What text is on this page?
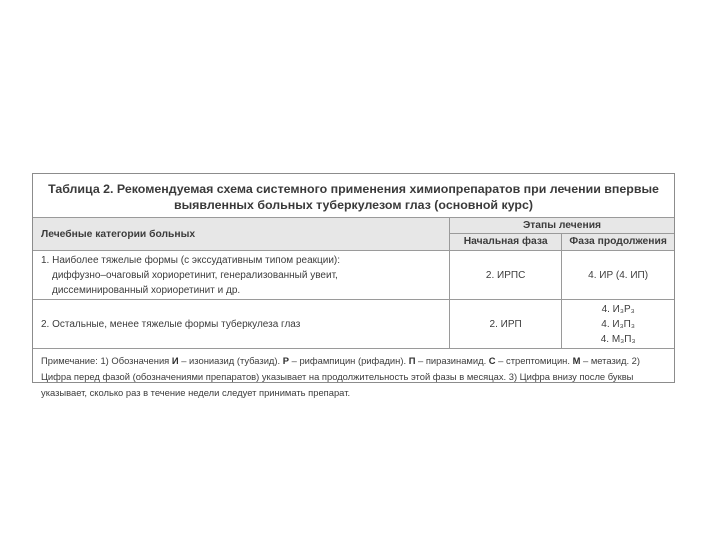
Таблица 2. Рекомендуемая схема системного применения химиопрепаратов при лечении впервые
выявленных больных туберкулезом глаз (основной курс)
Лечебные категории больных	Этапы лечения	
	Начальная фаза	Фаза продолжения
1. Наиболее тяжелые формы (с экссудативным типом реакции):
диффузно–очаговый хориоретинит, генерализованный увеит,
диссеминированный хориоретинит и др.	2. ИРПС	4. ИР (4. ИП)
2. Остальные, менее тяжелые формы туберкулеза глаз	2. ИРП	4. И₃Р₃
4. И₃П₃
4. М₃П₃
Примечание: 1) Обозначения И – изониазид (тубазид). Р – рифампицин (рифадин). П – пиразинамид. С – стрептомицин. М – метазид. 2) Цифра перед фазой (обозначениями препаратов) указывает на продолжительность этой фазы в месяцах. 3) Цифра внизу после буквы указывает, сколько раз в течение недели следует принимать препарат.
